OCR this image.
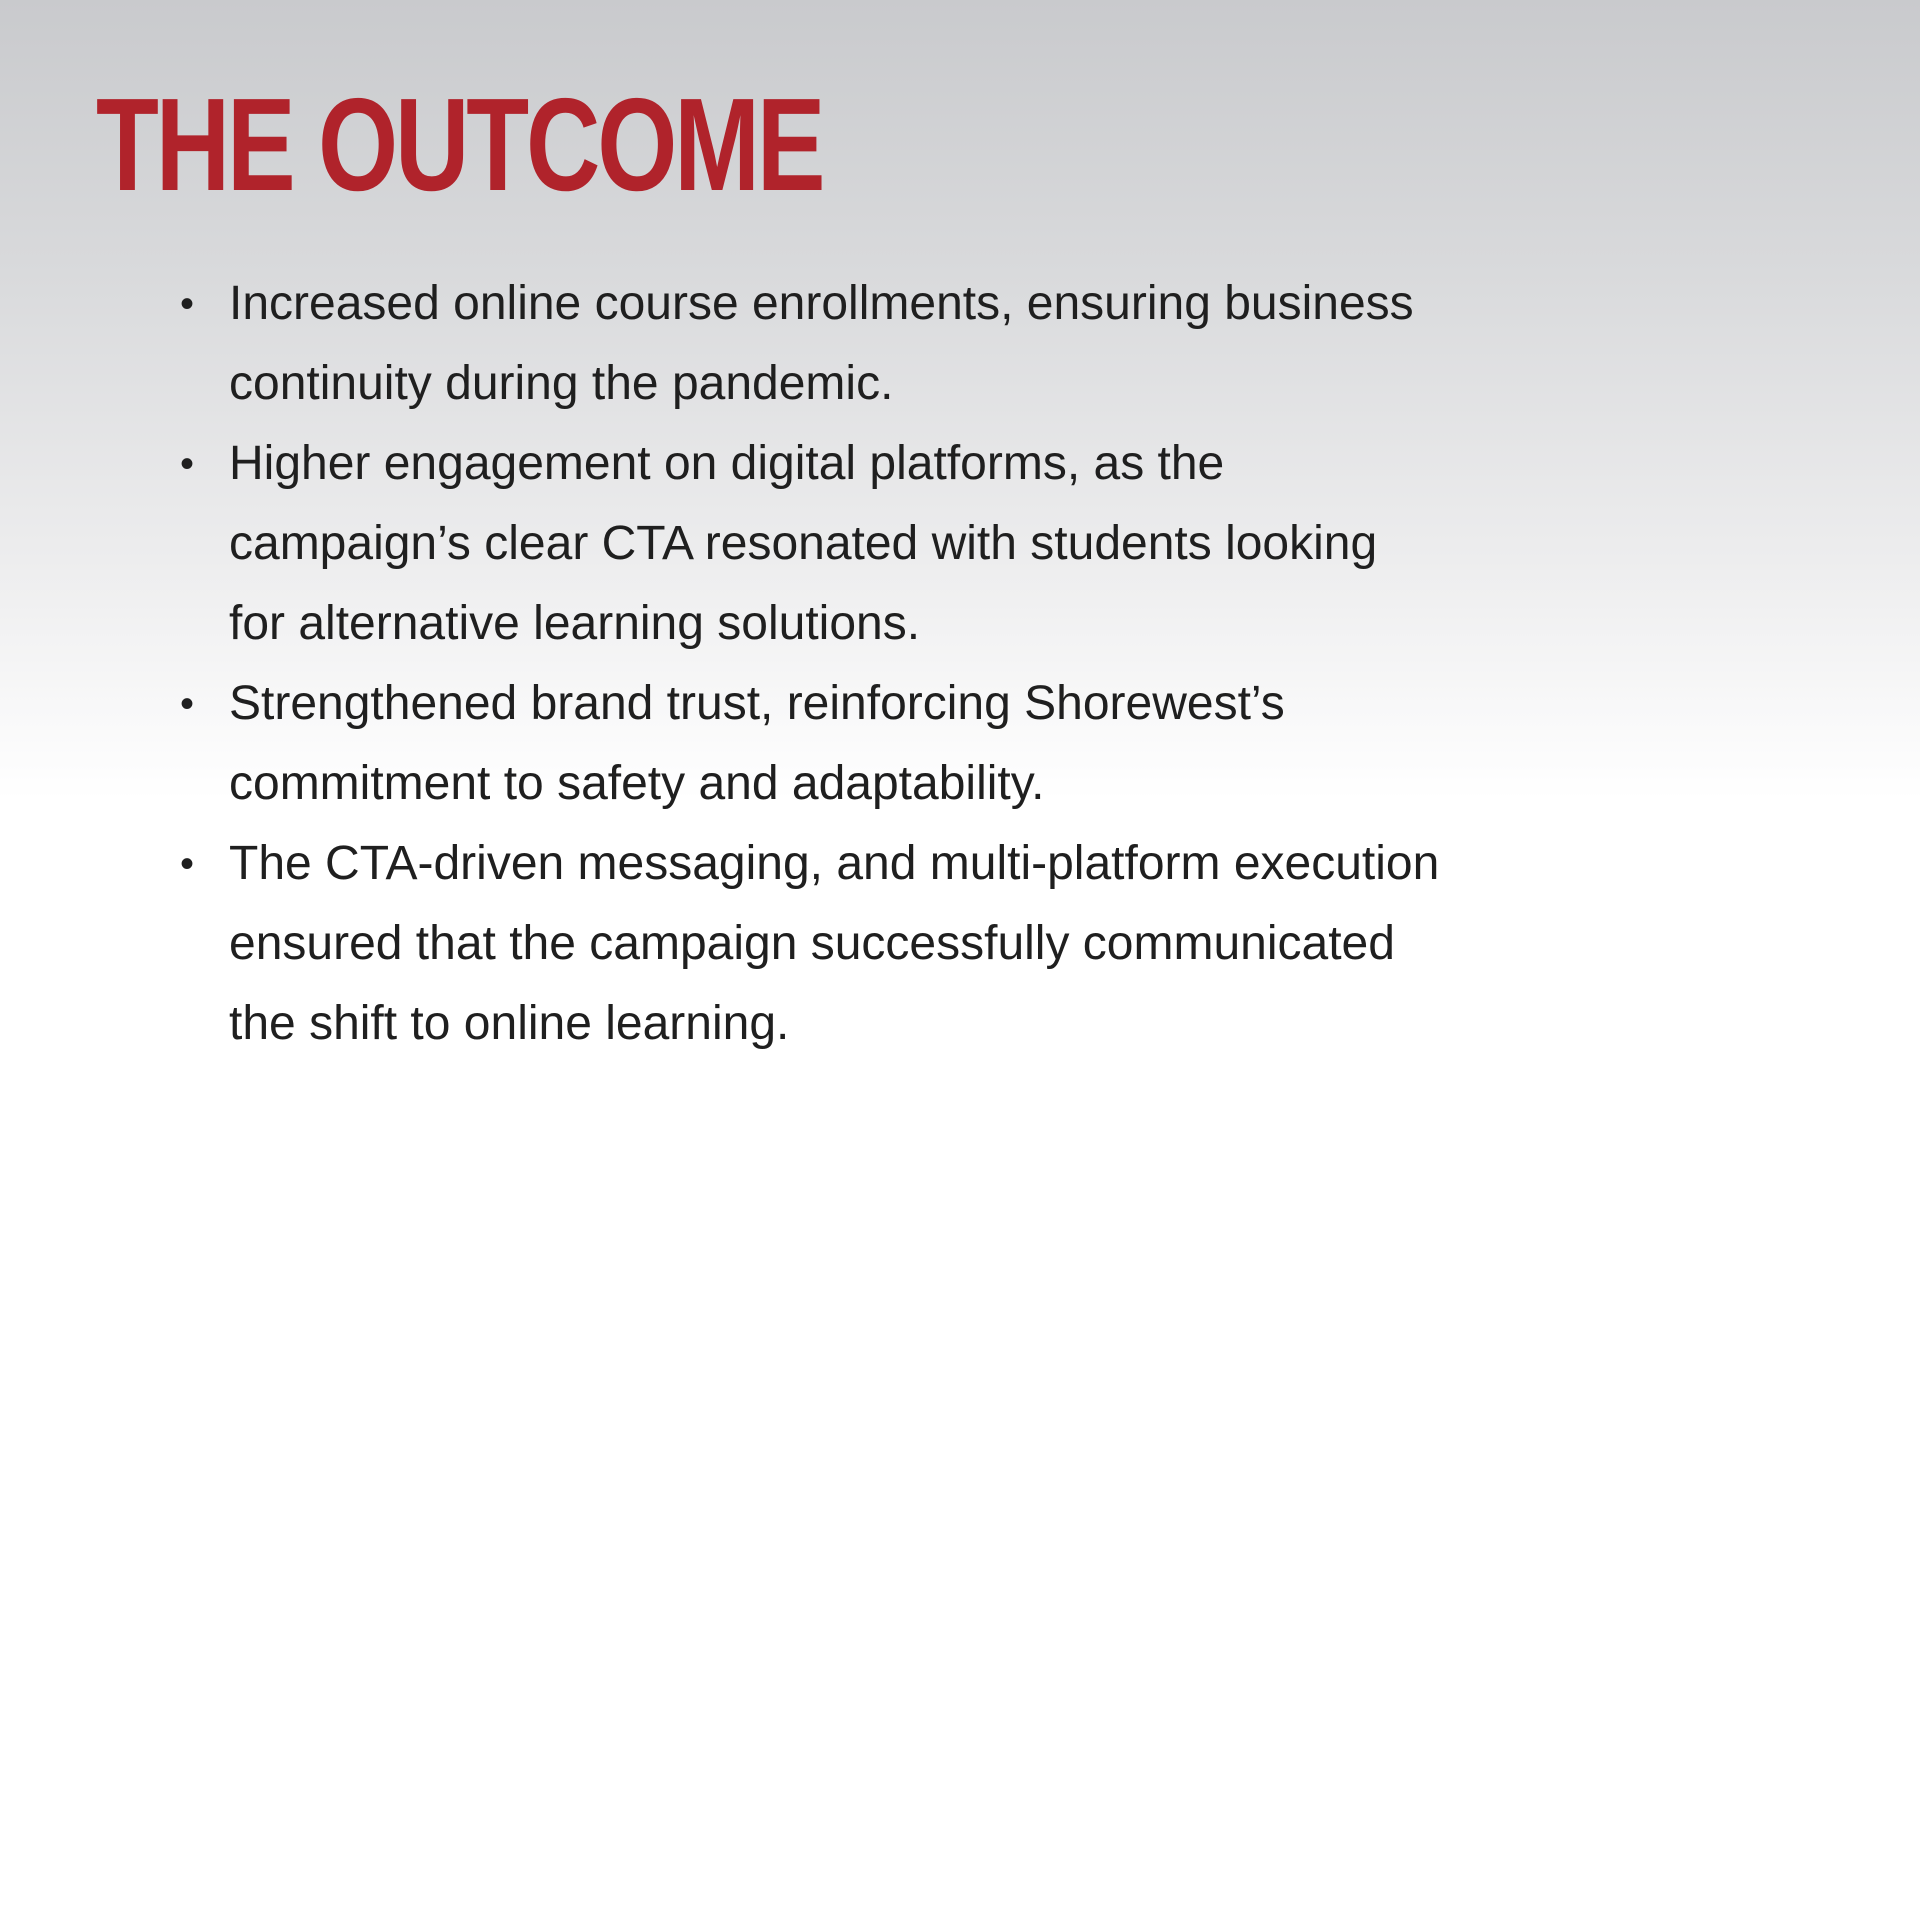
THE OUTCOME
• Increased online course enrollments, ensuring business
continuity during the pandemic.
• Higher engagement on digital platforms, as the
campaign’s clear CTA resonated with students looking
for alternative learning solutions.
• Strengthened brand trust, reinforcing Shorewest’s
commitment to safety and adaptability.
• The CTA-driven messaging, and multi-platform execution
ensured that the campaign successfully communicated
the shift to online learning.
